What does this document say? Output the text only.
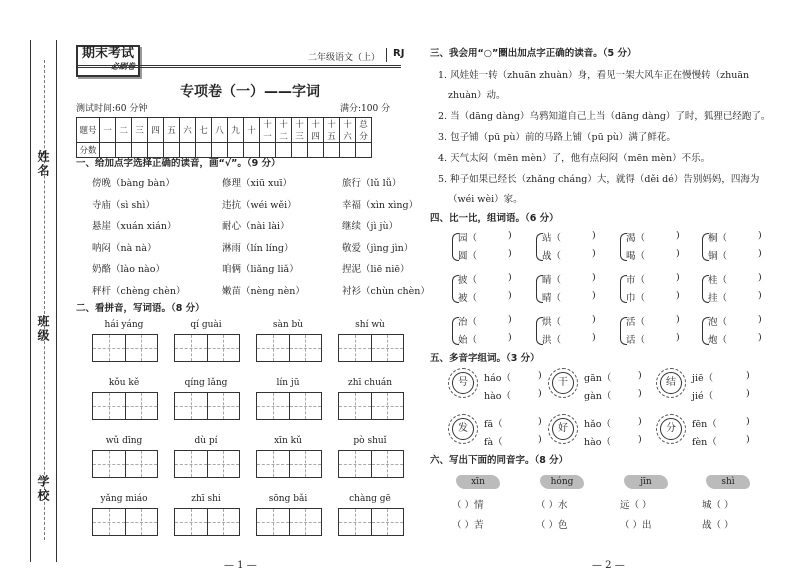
姓名
班级
学校
期末考试
必刷卷
二年级语文（上）	RJ
专项卷（一）——字词
测试时间:60 分钟	满分:100 分
题号	一	二	三	四	五	六	七	八	九	十	十一	十二	十三	十四	十五	十六	总分
分数																	
一、给加点字选择正确的读音，画“√”。（9 分）
傍晚（bàng bàn）	修理（xiū xuī）	旅行（lǔ lǚ）
寺庙（sì shì）	违抗（wéi wěi）	幸福（xìn xìng）
悬崖（xuán xián）	耐心（nài lài）	继续（jì jù）
呐闷（nà nà）	淋雨（lín líng）	敬爱（jìng jìn）
奶酪（lào nào）	咱俩（liǎng liǎ）	捏泥（liē niē）
秤杆（chèng chèn）	嫩苗（nèng nèn）	衬衫（chùn chèn）
二、看拼音，写词语。（8 分）
hái yáng	qí guài	sàn bù	shí wù
kǒu kě	qíng lǎng	lín jū	zhī chuán
wǔ dīng	dù pí	xīn kǔ	pò shuǐ
yǎng miáo	zhī shi	sōng bǎi	chàng gē
— 1 —
三、我会用“○”圈出加点字正确的读音。（5 分）
1. 风娃娃一转（zhuān zhuàn）身，看见一架大风车正在慢慢转（zhuān
zhuàn）动。
2. 当（dāng dàng）乌鸦知道自己上当（dāng dàng）了时，狐狸已经跑了。
3. 包子铺（pū pù）前的马路上铺（pū pù）满了鲜花。
4. 天气太闷（mēn mèn）了，他有点闷闷（mēn mèn）不乐。
5. 种子如果已经长（zhǎng cháng）大，就得（děi dé）告别妈妈，四海为
（wéi wèi）家。
四、比一比，组词语。（6 分）
园（	)	站（	)	渴（	)	桐（	)
圆（	)	战（	)	喝（	)	铜（	)
披（	)	睛（	)	市（	)	桂（	)
被（	)	晴（	)	巾（	)	挂（	)
治（	)	烘（	)	活（	)	泡（	)
始（	)	洪（	)	话（	)	炮（	)
五、多音字组词。（3 分）
号	háo（	)
hào（	)
干	gān（	)
gàn（	)
结	jiē（	)
jié（	)
发	fā（	)
fà（	)
好	hǎo（	)
hào（	)
分	fēn（	)
fèn（	)
六、写出下面的同音字。（8 分）
xīn
（ ）情
（ ）苦
hóng
（ ）水
（ ）色
jīn
远（ ）
（ ）出
shì
城（ ）
战（ ）
— 2 —
